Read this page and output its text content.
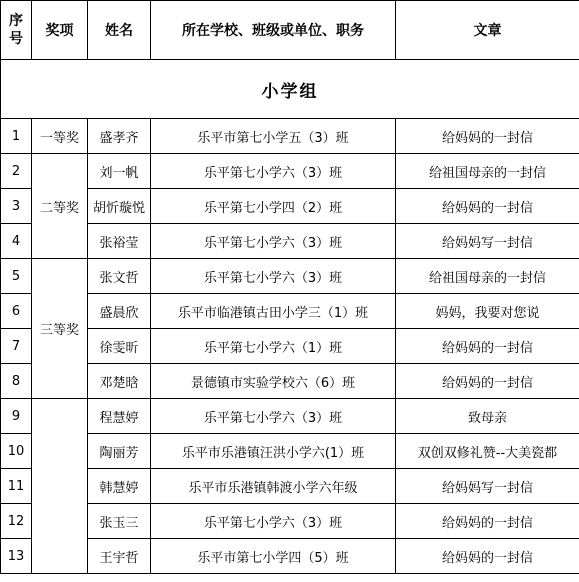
序
号	奖项	姓名	所在学校、班级或单位、职务	文章
小学组				
1	一等奖	盛孝齐	乐平市第七小学五（3）班	给妈妈的一封信
2	二等奖	刘一帆	乐平第七小学六（3）班	给祖国母亲的一封信
3		胡忻璇悦	乐平第七小学四（2）班	给妈妈的一封信
4		张裕莹	乐平第七小学六（3）班	给妈妈写一封信
5	三等奖	张文哲	乐平第七小学六（3）班	给祖国母亲的一封信
6		盛晨欣	乐平市临港镇古田小学三（1）班	妈妈，我要对您说
7		徐雯昕	乐平第七小学六（1）班	给妈妈的一封信
8		邓楚晗	景德镇市实验学校六（6）班	给妈妈的一封信
9		程慧婷	乐平第七小学六（3）班	致母亲
10		陶丽芳	乐平市乐港镇汪洪小学六(1）班	双创双修礼赞--大美瓷都
11		韩慧婷	乐平市乐港镇韩渡小学六年级	给妈妈写一封信
12		张玉三	乐平第七小学六（3）班	给妈妈的一封信
13		王宇哲	乐平市第七小学四（5）班	给妈妈的一封信
